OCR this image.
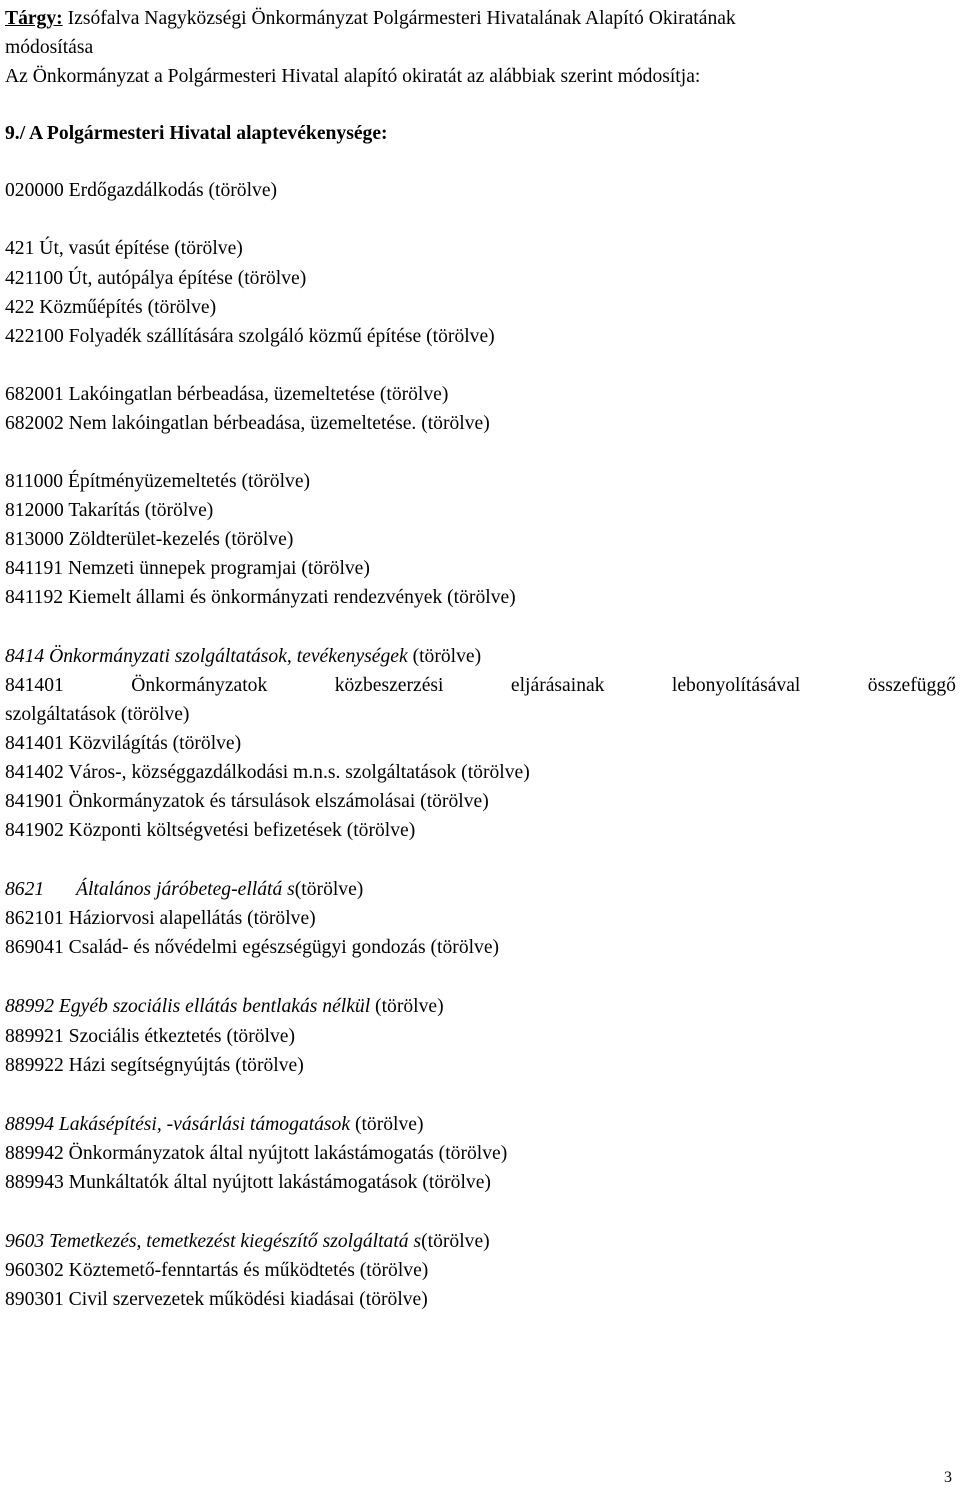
Tárgy: Izsófalva Nagyközségi Önkormányzat Polgármesteri Hivatalának Alapító Okiratának
módosítása
Az Önkormányzat a Polgármesteri Hivatal alapító okiratát az alábbiak szerint módosítja:
9./ A Polgármesteri Hivatal alaptevékenysége:
020000 Erdőgazdálkodás (törölve)
421 Út, vasút építése (törölve)
421100 Út, autópálya építése (törölve)
422 Közműépítés (törölve)
422100 Folyadék szállítására szolgáló közmű építése (törölve)
682001 Lakóingatlan bérbeadása, üzemeltetése (törölve)
682002 Nem lakóingatlan bérbeadása, üzemeltetése. (törölve)
811000 Építményüzemeltetés (törölve)
812000 Takarítás (törölve)
813000 Zöldterület-kezelés (törölve)
841191 Nemzeti ünnepek programjai (törölve)
841192 Kiemelt állami és önkormányzati rendezvények (törölve)
8414 Önkormányzati szolgáltatások, tevékenységek (törölve)
841401	Önkormányzatok	közbeszerzési	eljárásainak	lebonyolításával	összefüggő
szolgáltatások (törölve)
841401 Közvilágítás (törölve)
841402 Város-, községgazdálkodási m.n.s. szolgáltatások (törölve)
841901 Önkormányzatok és társulások elszámolásai (törölve)
841902 Központi költségvetési befizetések (törölve)
8621 Általános járóbeteg-ellátá s(törölve)
862101 Háziorvosi alapellátás (törölve)
869041 Család- és nővédelmi egészségügyi gondozás (törölve)
88992 Egyéb szociális ellátás bentlakás nélkül (törölve)
889921 Szociális étkeztetés (törölve)
889922 Házi segítségnyújtás (törölve)
88994 Lakásépítési, -vásárlási támogatások (törölve)
889942 Önkormányzatok által nyújtott lakástámogatás (törölve)
889943 Munkáltatók által nyújtott lakástámogatások (törölve)
9603 Temetkezés, temetkezést kiegészítő szolgáltatá s(törölve)
960302 Köztemető-fenntartás és működtetés (törölve)
890301 Civil szervezetek működési kiadásai (törölve)
3
